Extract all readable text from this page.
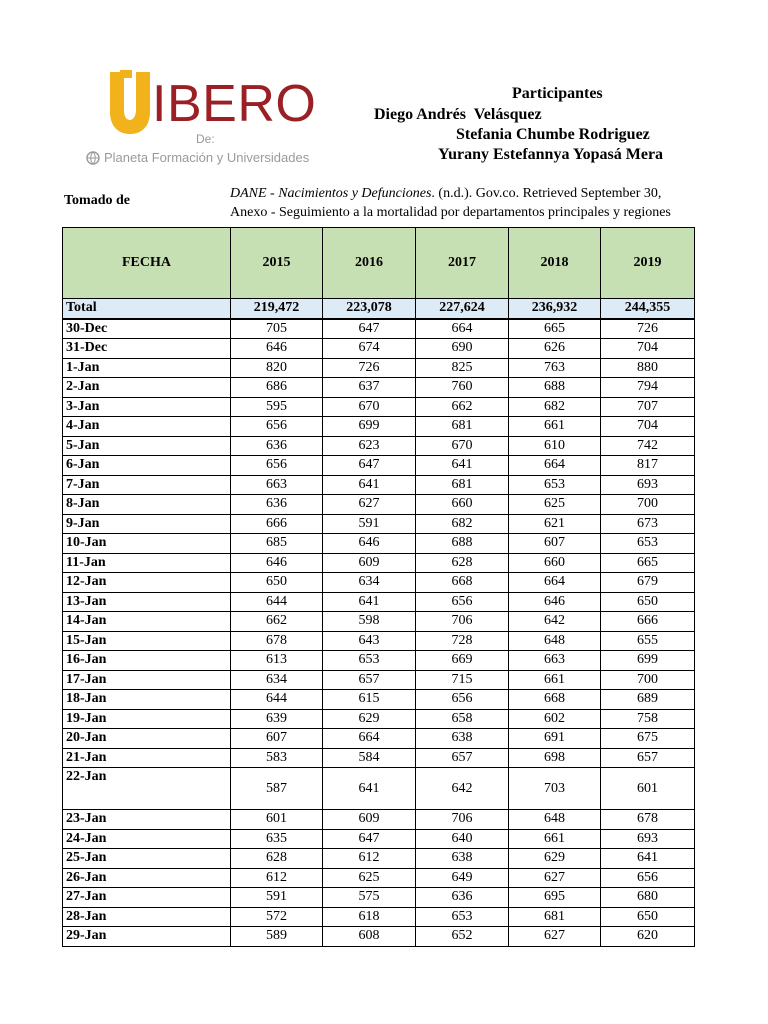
IBERO
De:
Planeta Formación y Universidades
Participantes
Diego Andrés  Velásquez
Stefania Chumbe Rodriguez
Yurany Estefannya Yopasá Mera
Tomado de	DANE - Nacimientos y Defunciones. (n.d.). Gov.co. Retrieved September 30,
Anexo - Seguimiento a la mortalidad por departamentos principales y regiones
FECHA	2015	2016	2017	2018	2019
Total	219,472	223,078	227,624	236,932	244,355
30-Dec	705	647	664	665	726
31-Dec	646	674	690	626	704
1-Jan	820	726	825	763	880
2-Jan	686	637	760	688	794
3-Jan	595	670	662	682	707
4-Jan	656	699	681	661	704
5-Jan	636	623	670	610	742
6-Jan	656	647	641	664	817
7-Jan	663	641	681	653	693
8-Jan	636	627	660	625	700
9-Jan	666	591	682	621	673
10-Jan	685	646	688	607	653
11-Jan	646	609	628	660	665
12-Jan	650	634	668	664	679
13-Jan	644	641	656	646	650
14-Jan	662	598	706	642	666
15-Jan	678	643	728	648	655
16-Jan	613	653	669	663	699
17-Jan	634	657	715	661	700
18-Jan	644	615	656	668	689
19-Jan	639	629	658	602	758
20-Jan	607	664	638	691	675
21-Jan	583	584	657	698	657
22-Jan	587	641	642	703	601
23-Jan	601	609	706	648	678
24-Jan	635	647	640	661	693
25-Jan	628	612	638	629	641
26-Jan	612	625	649	627	656
27-Jan	591	575	636	695	680
28-Jan	572	618	653	681	650
29-Jan	589	608	652	627	620
